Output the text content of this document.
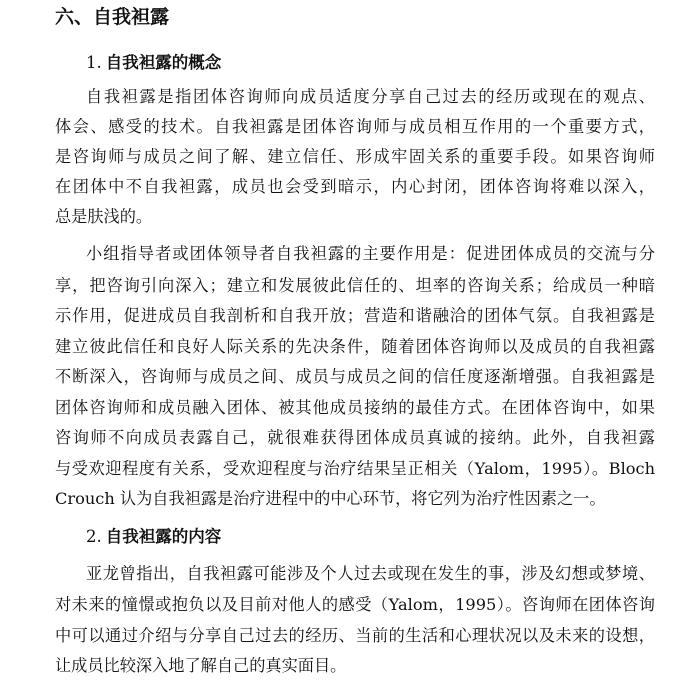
六、自我袒露
1. 自我袒露的概念
自我袒露是指团体咨询师向成员适度分享自己过去的经历或现在的观点、
体会、感受的技术。自我袒露是团体咨询师与成员相互作用的一个重要方式，
是咨询师与成员之间了解、建立信任、形成牢固关系的重要手段。如果咨询师
在团体中不自我袒露，成员也会受到暗示，内心封闭，团体咨询将难以深入，
总是肤浅的。
小组指导者或团体领导者自我袒露的主要作用是：促进团体成员的交流与分
享，把咨询引向深入；建立和发展彼此信任的、坦率的咨询关系；给成员一种暗
示作用，促进成员自我剖析和自我开放；营造和谐融洽的团体气氛。自我袒露是
建立彼此信任和良好人际关系的先决条件，随着团体咨询师以及成员的自我袒露
不断深入，咨询师与成员之间、成员与成员之间的信任度逐渐增强。自我袒露是
团体咨询师和成员融入团体、被其他成员接纳的最佳方式。在团体咨询中，如果
咨询师不向成员表露自己，就很难获得团体成员真诚的接纳。此外，自我袒露
与受欢迎程度有关系，受欢迎程度与治疗结果呈正相关（Yalom，1995）。Bloch
Crouch 认为自我袒露是治疗进程中的中心环节，将它列为治疗性因素之一。
2. 自我袒露的内容
亚龙曾指出，自我袒露可能涉及个人过去或现在发生的事，涉及幻想或梦境、
对未来的憧憬或抱负以及目前对他人的感受（Yalom，1995）。咨询师在团体咨询
中可以通过介绍与分享自己过去的经历、当前的生活和心理状况以及未来的设想，
让成员比较深入地了解自己的真实面目。
